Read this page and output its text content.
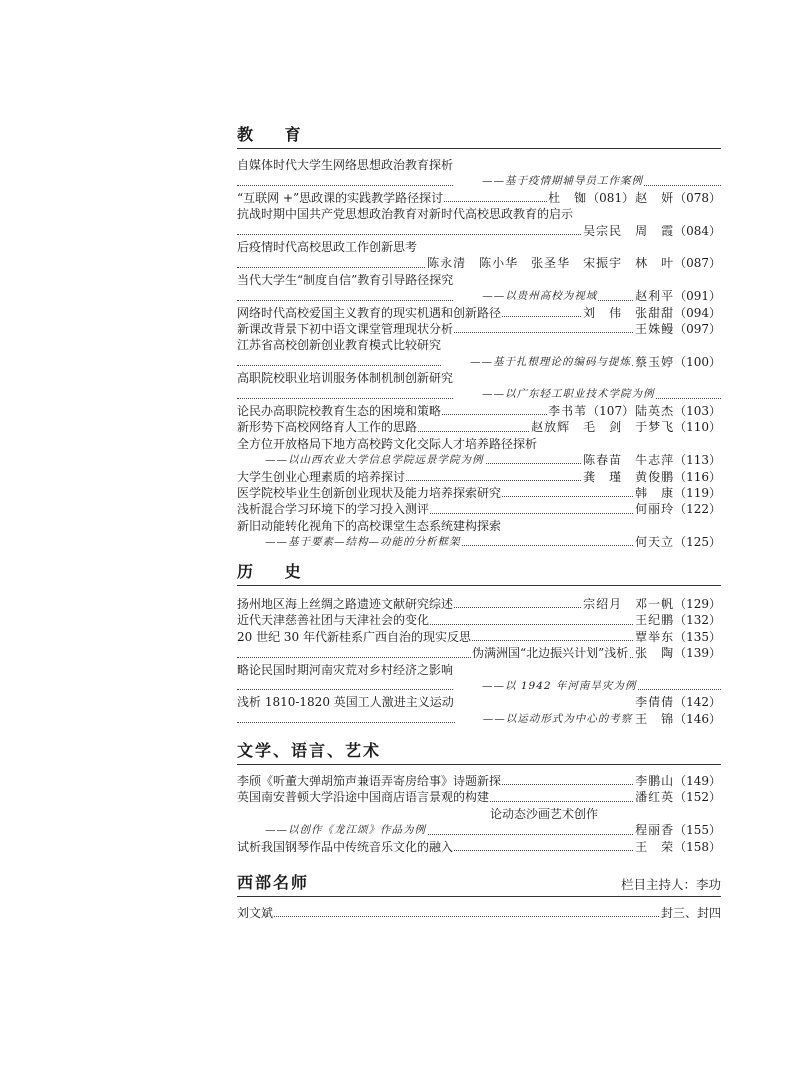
教 育
自媒体时代大学生网络思想政治教育探析
——基于疫情期辅导员工作案例
赵　妍（078）
“互联网 +”思政课的实践教学路径探讨	杜　铷（081）
抗战时期中国共产党思想政治教育对新时代高校思政教育的启示
吴宗民　周　霞（084）
后疫情时代高校思政工作创新思考
陈永清　陈小华　张圣华　宋振宇　林　叶（087）
当代大学生“制度自信”教育引导路径探究
——以贵州高校为视域	赵利平（091）
网络时代高校爱国主义教育的现实机遇和创新路径	刘　伟　张甜甜（094）
新课改背景下初中语文课堂管理现状分析	王姝鳗（097）
江苏省高校创新创业教育模式比较研究
——基于扎根理论的编码与提炼 蔡玉婷（100）
高职院校职业培训服务体制机制创新研究
——以广东轻工职业技术学院为例
陆英杰（103）
论民办高职院校教育生态的困境和策略	李书苇（107）
新形势下高校网络育人工作的思路	赵放辉　毛　剑　于梦飞（110）
全方位开放格局下地方高校跨文化交际人才培养路径探析
——以山西农业大学信息学院远景学院为例	陈春苗　牛志萍（113）
大学生创业心理素质的培养探讨	龚　瑾　黄俊鹏（116）
医学院校毕业生创新创业现状及能力培养探索研究	韩　康（119）
浅析混合学习环境下的学习投入测评	何丽玲（122）
新旧动能转化视角下的高校课堂生态系统建构探索
——基于要素—结构—功能的分析框架	何天立（125）
历 史
扬州地区海上丝绸之路遗迹文献研究综述	宗绍月　邓一帆（129）
近代天津慈善社团与天津社会的变化	王纪鹏（132）
20 世纪 30 年代新桂系广西自治的现实反思	覃举东（135）
伪满洲国“北边振兴计划”浅析 张　陶（139）
略论民国时期河南灾荒对乡村经济之影响
——以 1942 年河南旱灾为例
李倩倩（142）
浅析 1810-1820 英国工人激进主义运动
——以运动形式为中心的考察 王　锦（146）
文学、语言、艺术
李颀《听董大弹胡笳声兼语弄寄房给事》诗题新探	李鹏山（149）
英国南安普顿大学沿途中国商店语言景观的构建	潘红英（152）
论动态沙画艺术创作
——以创作《龙江颂》作品为例	程丽香（155）
试析我国钢琴作品中传统音乐文化的融入	王　荣（158）
西部名师	栏目主持人：李功
刘文斌	封三、封四
